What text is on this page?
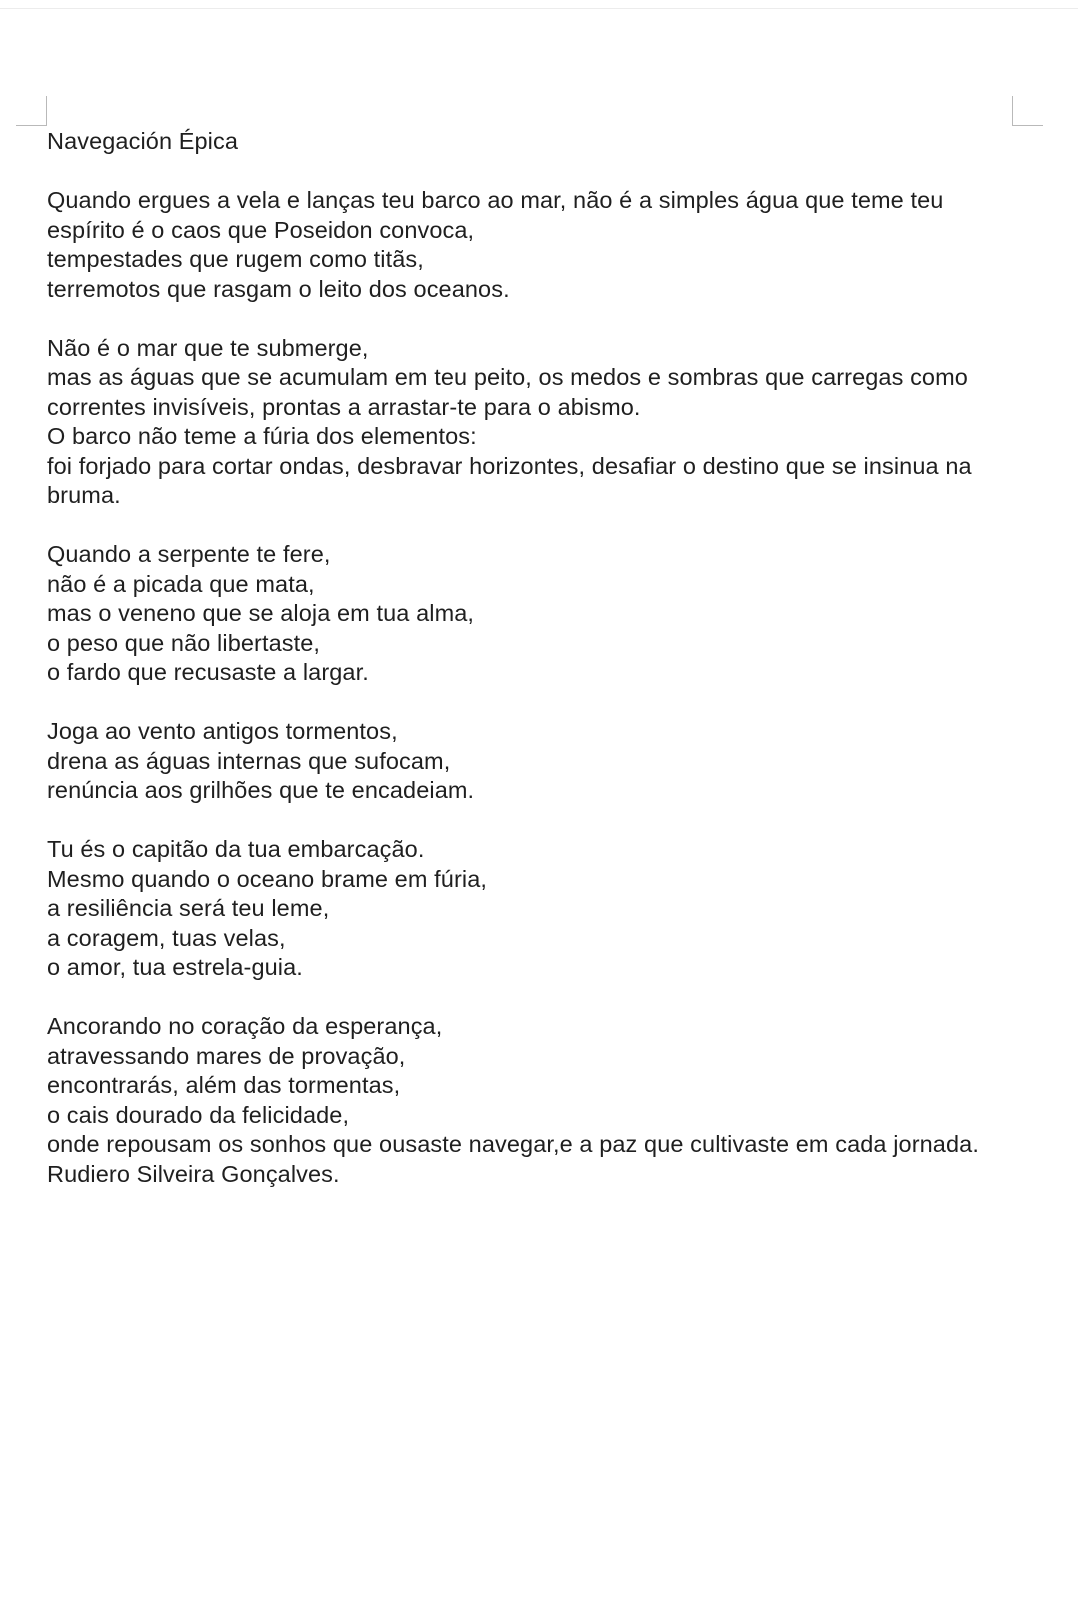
Navegación Épica
Quando ergues a vela e lanças teu barco ao mar, não é a simples água que teme teu espírito é o caos que Poseidon convoca,
tempestades que rugem como titãs,
terremotos que rasgam o leito dos oceanos.
Não é o mar que te submerge,
mas as águas que se acumulam em teu peito, os medos e sombras que carregas como correntes invisíveis, prontas a arrastar-te para o abismo.
O barco não teme a fúria dos elementos:
foi forjado para cortar ondas, desbravar horizontes, desafiar o destino que se insinua na bruma.
Quando a serpente te fere,
não é a picada que mata,
mas o veneno que se aloja em tua alma,
o peso que não libertaste,
o fardo que recusaste a largar.
Joga ao vento antigos tormentos,
drena as águas internas que sufocam,
renúncia aos grilhões que te encadeiam.
Tu és o capitão da tua embarcação.
Mesmo quando o oceano brame em fúria,
a resiliência será teu leme,
a coragem, tuas velas,
o amor, tua estrela-guia.
Ancorando no coração da esperança,
atravessando mares de provação,
encontrarás, além das tormentas,
o cais dourado da felicidade,
onde repousam os sonhos que ousaste navegar,e a paz que cultivaste em cada jornada.
Rudiero Silveira Gonçalves.
